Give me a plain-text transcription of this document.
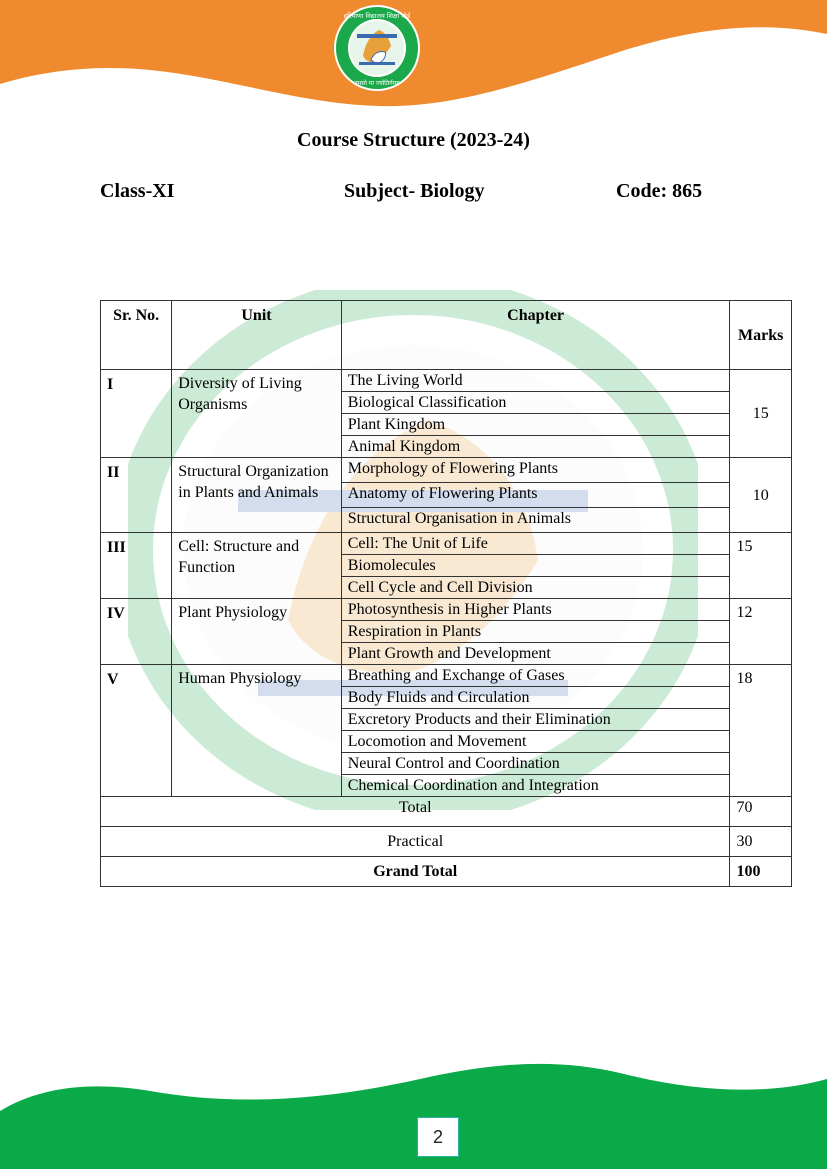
हरियाणा विद्यालय शिक्षा बोर्ड
तमसो मा ज्योतिर्गमय
Course Structure (2023-24)
Class-XI	Subject- Biology	Code: 865
Sr. No.	Unit	Chapter	Marks
I	Diversity of Living Organisms	The Living World	15
		Biological Classification	
		Plant Kingdom	
		Animal Kingdom	
II	Structural Organization in Plants and Animals	Morphology of Flowering Plants	10
		Anatomy of Flowering Plants	
		Structural Organisation in Animals	
III	Cell: Structure and Function	Cell: The Unit of Life	15
		Biomolecules	
		Cell Cycle and Cell Division	
IV	Plant Physiology	Photosynthesis in Higher Plants	12
		Respiration in Plants	
		Plant Growth and Development	
V	Human Physiology	Breathing and Exchange of Gases	18
		Body Fluids and Circulation	
		Excretory Products and their Elimination	
		Locomotion and Movement	
		Neural Control and Coordination	
		Chemical Coordination and Integration	
Total			70
Practical			30
Grand Total			100
2
